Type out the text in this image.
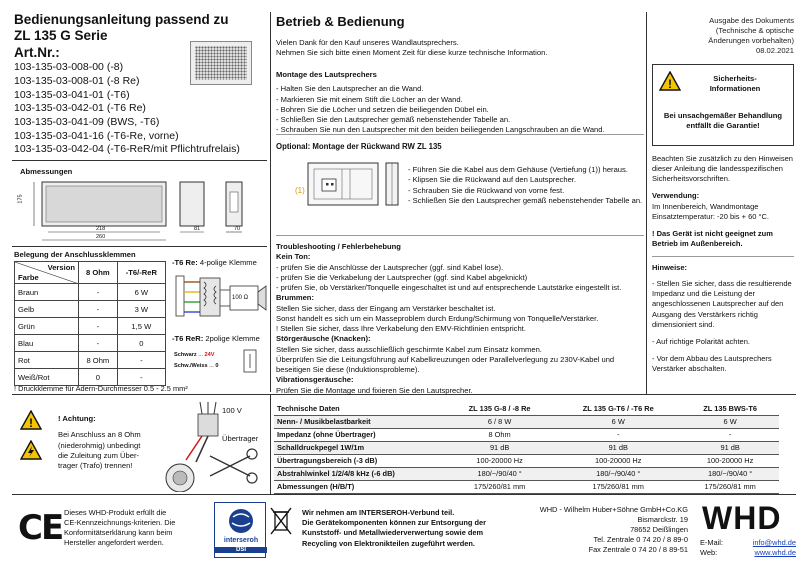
Bedienungsanleitung passend zu
ZL 135 G Serie
Art.Nr.:
103-135-03-008-00 (-8)
103-135-03-008-01 (-8 Re)
103-135-03-041-01 (-T6)
103-135-03-042-01 (-T6 Re)
103-135-03-041-09 (BWS, -T6)
103-135-03-041-16 (-T6-Re, vorne)
103-135-03-042-04 (-T6-ReR/mit Pflichtrufrelais)
Betrieb & Bedienung
Vielen Dank für den Kauf unseres Wandlautsprechers.
Nehmen Sie sich bitte einen Moment Zeit für diese kurze technische Information.
Ausgabe des Dokuments
(Technische & optische
Änderungen vorbehalten)
08.02.2021
Montage des Lautsprechers
- Halten Sie den Lautsprecher an die Wand.
- Markieren Sie mit einem Stift die Löcher an der Wand.
- Bohren Sie die Löcher und setzen die beiliegenden Dübel ein.
- Schließen Sie den Lautsprecher gemäß nebenstehender Tabelle an.
- Schrauben Sie nun den Lautsprecher mit den beiden beiliegenden Langschrauben an die Wand.
Optional: Montage der Rückwand RW ZL 135
(1)
- Führen Sie die Kabel aus dem Gehäuse (Vertiefung (1)) heraus.
- Klipsen Sie die Rückwand auf den Lautsprecher.
- Schrauben Sie die Rückwand von vorne fest.
- Schließen Sie den Lautsprecher gemäß nebenstehender Tabelle an.
Troubleshooting / Fehlerbehebung
Kein Ton:
- prüfen Sie die Anschlüsse der Lautsprecher (ggf. sind Kabel lose).
- prüfen Sie die Verkabelung der Lautsprecher (ggf. sind Kabel abgeknickt)
- prüfen Sie, ob Verstärker/Tonquelle eingeschaltet ist und auf entsprechende Lautstärke eingestellt ist.
Brummen:
Stellen Sie sicher, dass der Eingang am Verstärker beschaltet ist.
Sonst handelt es sich um ein Masseproblem durch Erdung/Schirmung von Tonquelle/Verstärker.
! Stellen Sie sicher, dass Ihre Verkabelung den EMV-Richtlinien entspricht.
Störgeräusche (Knacken):
Stellen Sie sicher, dass ausschließlich geschirmte Kabel zum Einsatz kommen.
Überprüfen Sie die Leitungsführung auf Kabelkreuzungen oder Parallelverlegung zu 230V-Kabel und
beseitigen Sie diese (Induktionsprobleme).
Vibrationsgeräusche:
Prüfen Sie die Montage und fixieren Sie den Lautsprecher.
!	Sicherheits-
Informationen
Bei unsachgemäßer Behandlung
entfällt die Garantie!

Beachten Sie zusätzlich zu den Hinweisen dieser Anleitung die landesspezifischen Sicherheitsvorschriften.

Verwendung:
Im Innenbereich, Wandmontage

Einsatztemperatur: -20 bis + 60 °C.

! Das Gerät ist nicht geeignet zum Betrieb im Außenbereich.

Hinweise:

- Stellen Sie sicher, dass die resultierende Impedanz und die Leistung der angeschlossenen Lautsprecher auf den Ausgang des Verstärkers richtig dimensioniert sind.

- Auf richtige Polarität achten.

- Vor dem Abbau des Lautsprechers Verstärker abschalten.

Abmessungen
175
218
260
81	70
Belegung der Anschlussklemmen
Version
Farbe	8 Ohm	-T6/-ReR
Braun	-	6 W
Gelb	-	3 W
Grün	-	1,5 W
Blau	-	0
Rot	8 Ohm	-
Weiß/Rot	0	-
! Druckklemme für Adern-Durchmesser 0.5 - 2.5 mm²
-T6 Re: 4-polige Klemme
100 Ω
-T6 ReR: 2polige Klemme
Schwarz ... 24V
Schw./Weiss ... 0
!	! Achtung:
Bei Anschluss an 8 Ohm
(niederohmig) unbedingt
die Zuleitung zum Über-
trager (Trafo) trennen!
100 V
Übertrager
Technische Daten	ZL 135 G-8 / -8 Re	ZL 135 G-T6 / -T6 Re	ZL 135 BWS-T6
Nenn- / Musikbelastbarkeit	6 / 8 W	6 W	6 W
Impedanz (ohne Übertrager)	8 Ohm	-	-
Schalldruckpegel 1W/1m	91 dB	91 dB	91 dB
Übertragungsbereich (-3 dB)	100-20000 Hz	100-20000 Hz	100-20000 Hz
Abstrahlwinkel 1/2/4/8 kHz (-6 dB)	180/~/90/40 °	180/~/90/40 °	180/~/90/40 °
Abmessungen (H/B/T)	175/260/81 mm	175/260/81 mm	175/260/81 mm
CE Dieses WHD-Produkt erfüllt die
CE-Kennzeichnungs-kriterien. Die
Konformitätserklärung kann beim
Hersteller angefordert werden.	interseroh
DSI
Wir nehmen am INTERSEROH-Verbund teil.
Die Gerätekomponenten können zur Entsorgung der
Kunststoff- und Metallwiederverwertung sowie dem
Recycling von Elektronikteilen zugeführt werden.
WHD - Wilhelm Huber+Söhne GmbH+Co.KG
Bismarckstr. 19
78652 Deißlingen
Tel. Zentrale 0 74 20 / 8 89-0
Fax Zentrale 0 74 20 / 8 89-51
WHD
E-Mail:	info@whd.de
Web:	www.whd.de
